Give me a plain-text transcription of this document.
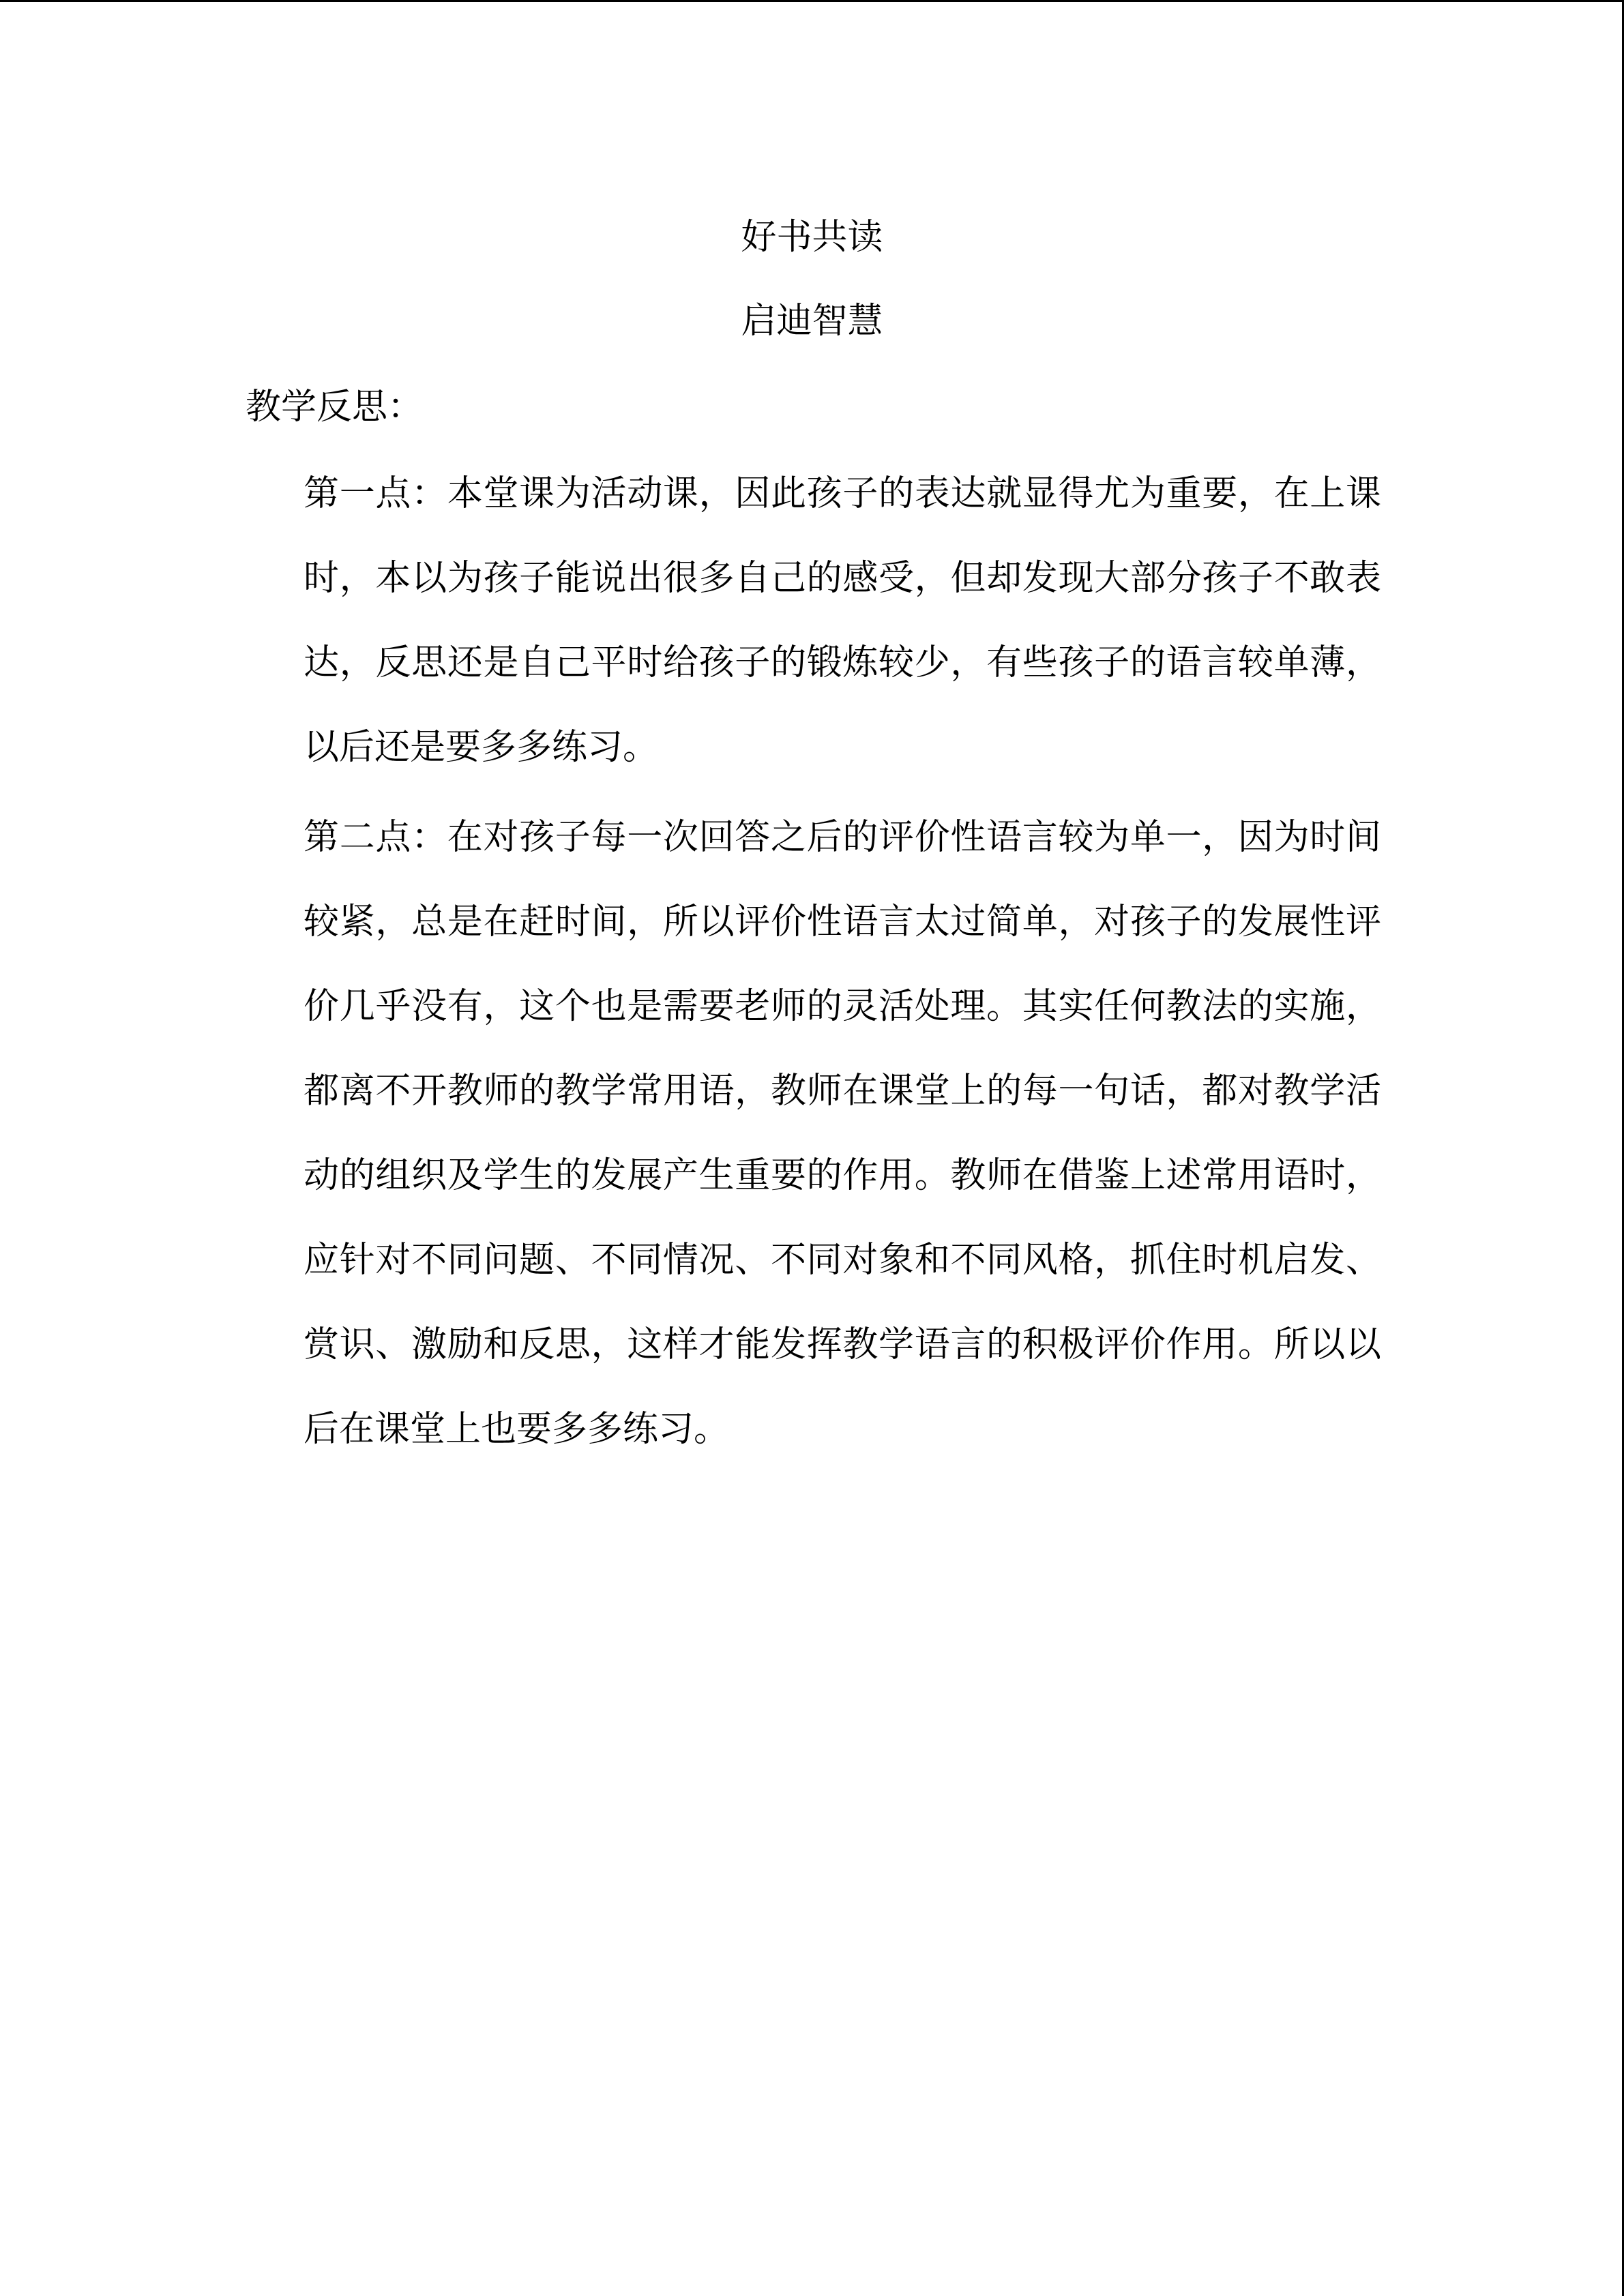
好书共读
启迪智慧
教学反思：
第一点：本堂课为活动课，因此孩子的表达就显得尤为重要，在上课时，本以为孩子能说出很多自己的感受，但却发现大部分孩子不敢表达，反思还是自己平时给孩子的锻炼较少，有些孩子的语言较单薄，以后还是要多多练习。
第二点：在对孩子每一次回答之后的评价性语言较为单一，因为时间较紧，总是在赶时间，所以评价性语言太过简单，对孩子的发展性评价几乎没有，这个也是需要老师的灵活处理。其实任何教法的实施，都离不开教师的教学常用语，教师在课堂上的每一句话，都对教学活动的组织及学生的发展产生重要的作用。教师在借鉴上述常用语时，应针对不同问题、不同情况、不同对象和不同风格，抓住时机启发、赏识、激励和反思，这样才能发挥教学语言的积极评价作用。所以以后在课堂上也要多多练习。
